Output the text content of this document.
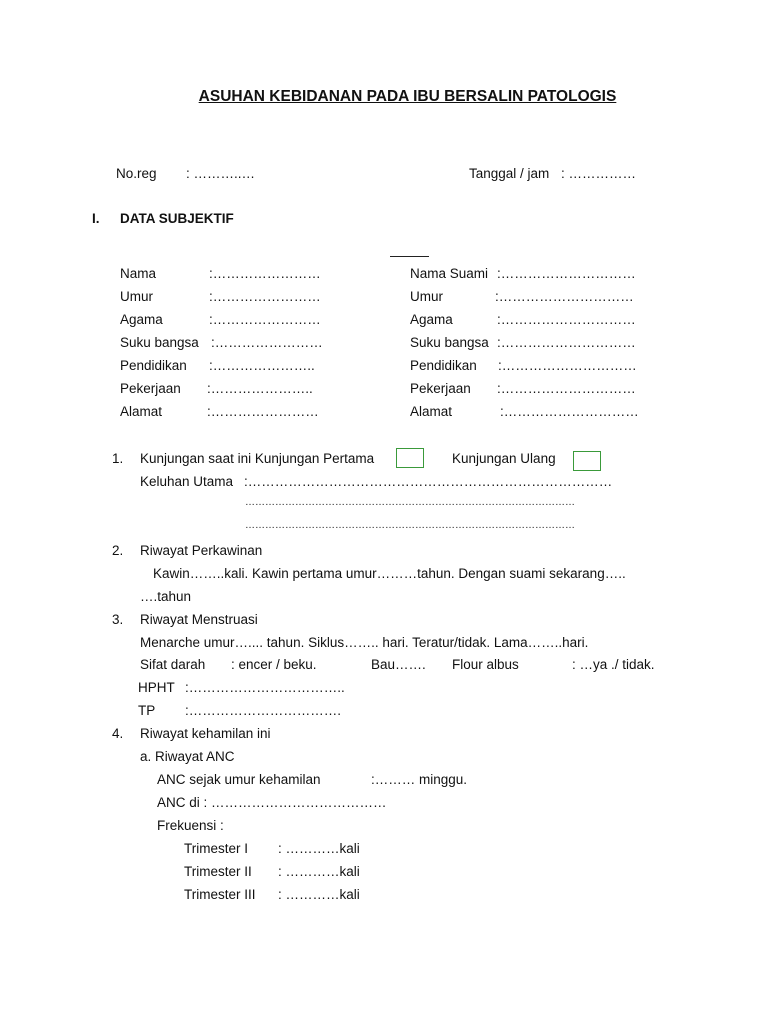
ASUHAN KEBIDANAN PADA IBU BERSALIN PATOLOGIS
No.reg : ………..…	Tanggal / jam : ……………
I. DATA SUBJEKTIF
Nama	:……………………
Umur	:……………………
Agama	:……………………
Suku bangsa :……………………
Pendidikan :…………………..
Pekerjaan :…………………..
Alamat	:……………………
Nama Suami :…………………………
Umur	:…………………………
Agama	:…………………………
Suku bangsa :…………………………
Pendidikan :…………………………
Pekerjaan :…………………………
Alamat	:…………………………
1. Kunjungan saat ini Kunjungan Pertama	Kunjungan Ulang
Keluhan Utama :………………………………………………………………………
………………………………………………………………………………………
………………………………………………………………………………………
2. Riwayat Perkawinan
Kawin……..kali. Kawin pertama umur………tahun. Dengan suami sekarang…..
….tahun
3. Riwayat Menstruasi
Menarche umur….... tahun. Siklus…….. hari. Teratur/tidak. Lama……..hari.
Sifat darah : encer / beku.	Bau……. Flour albus	: …ya ./ tidak.
HPHT :……………………………..
TP :…………………………….
4. Riwayat kehamilan ini
a. Riwayat ANC
ANC sejak umur kehamilan	:……… minggu.
ANC di : …………………………………
Frekuensi :
Trimester I : …………kali
Trimester II : …………kali
Trimester III : …………kali
